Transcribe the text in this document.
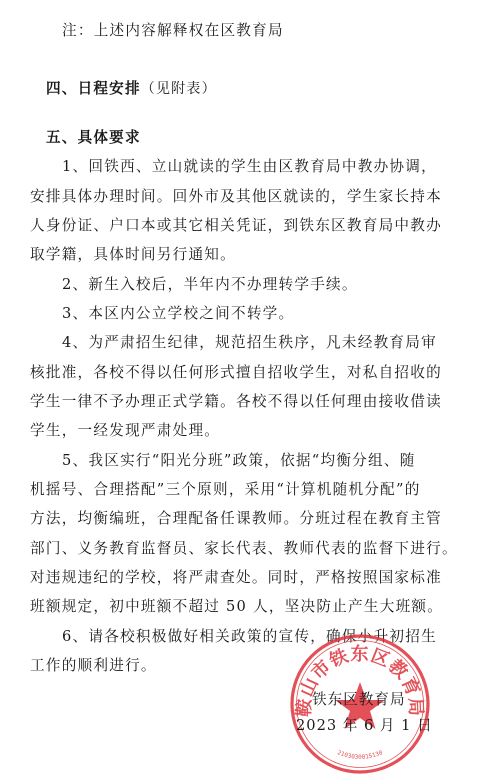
注：上述内容解释权在区教育局
四、日程安排（见附表）
五、具体要求
1、回铁西、立山就读的学生由区教育局中教办协调，
安排具体办理时间。回外市及其他区就读的，学生家长持本
人身份证、户口本或其它相关凭证，到铁东区教育局中教办
取学籍，具体时间另行通知。
2、新生入校后，半年内不办理转学手续。
3、本区内公立学校之间不转学。
4、为严肃招生纪律，规范招生秩序，凡未经教育局审
核批准，各校不得以任何形式擅自招收学生，对私自招收的
学生一律不予办理正式学籍。各校不得以任何理由接收借读
学生，一经发现严肃处理。
5、我区实行“阳光分班”政策，依据“均衡分组、随
机摇号、合理搭配”三个原则，采用“计算机随机分配”的
方法，均衡编班，合理配备任课教师。分班过程在教育主管
部门、义务教育监督员、家长代表、教师代表的监督下进行。
对违规违纪的学校，将严肃查处。同时，严格按照国家标准
班额规定，初中班额不超过 50 人，坚决防止产生大班额。
6、请各校积极做好相关政策的宣传，确保小升初招生
工作的顺利进行。
鞍山市铁东区教育局
2103030015130
铁东区教育局
2023 年 6 月 1 日
